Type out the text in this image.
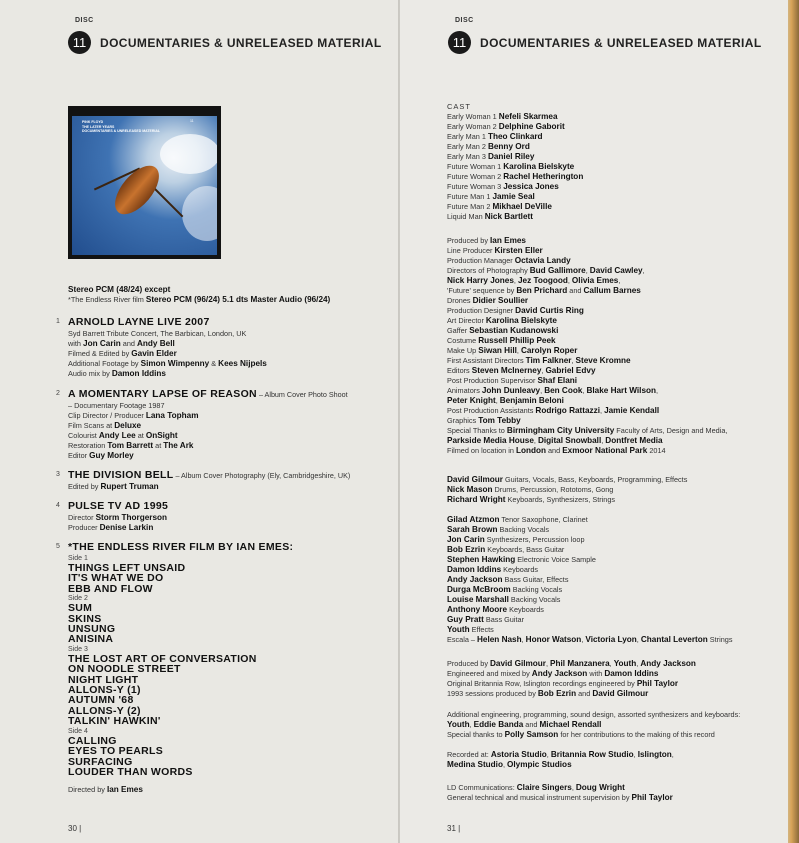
DISC
11	DOCUMENTARIES & UNRELEASED MATERIAL
PINK FLOYD
THE LATER YEARS
DOCUMENTARIES & UNRELEASED MATERIAL
11
Stereo PCM (48/24) except
*The Endless River film Stereo PCM (96/24) 5.1 dts Master Audio (96/24)
1 ARNOLD LAYNE LIVE 2007
Syd Barrett Tribute Concert, The Barbican, London, UK
with Jon Carin and Andy Bell
Filmed & Edited by Gavin Elder
Additional Footage by Simon Wimpenny & Kees Nijpels
Audio mix by Damon Iddins
2 A MOMENTARY LAPSE OF REASON – Album Cover Photo Shoot
– Documentary Footage 1987
Clip Director / Producer Lana Topham
Film Scans at Deluxe
Colourist Andy Lee at OnSight
Restoration Tom Barrett at The Ark
Editor Guy Morley
3 THE DIVISION BELL – Album Cover Photography (Ely, Cambridgeshire, UK)
Edited by Rupert Truman
4 PULSE TV AD 1995
Director Storm Thorgerson
Producer Denise Larkin
5 *THE ENDLESS RIVER FILM BY IAN EMES:
Side 1
THINGS LEFT UNSAID
IT'S WHAT WE DO
EBB AND FLOW
Side 2
SUM
SKINS
UNSUNG
ANISINA
Side 3
THE LOST ART OF CONVERSATION
ON NOODLE STREET
NIGHT LIGHT
ALLONS-Y (1)
AUTUMN '68
ALLONS-Y (2)
TALKIN' HAWKIN'
Side 4
CALLING
EYES TO PEARLS
SURFACING
LOUDER THAN WORDS
Directed by Ian Emes
30 |
DISC
11	DOCUMENTARIES & UNRELEASED MATERIAL
CAST
Early Woman 1 Nefeli Skarmea
Early Woman 2 Delphine Gaborit
Early Man 1 Theo Clinkard
Early Man 2 Benny Ord
Early Man 3 Daniel Riley
Future Woman 1 Karolina Bielskyte
Future Woman 2 Rachel Hetherington
Future Woman 3 Jessica Jones
Future Man 1 Jamie Seal
Future Man 2 Mikhael DeVille
Liquid Man Nick Bartlett
Produced by Ian Emes
Line Producer Kirsten Eller
Production Manager Octavia Landy
Directors of Photography Bud Gallimore, David Cawley,
Nick Harry Jones, Jez Toogood, Olivia Emes,
'Future' sequence by Ben Prichard and Callum Barnes
Drones Didier Soullier
Production Designer David Curtis Ring
Art Director Karolina Bielskyte
Gaffer Sebastian Kudanowski
Costume Russell Phillip Peek
Make Up Siwan Hill, Carolyn Roper
First Assistant Directors Tim Falkner, Steve Kromne
Editors Steven McInerney, Gabriel Edvy
Post Production Supervisor Shaf Elani
Animators John Dunleavy, Ben Cook, Blake Hart Wilson,
Peter Knight, Benjamin Beloni
Post Production Assistants Rodrigo Rattazzi, Jamie Kendall
Graphics Tom Tebby
Special Thanks to Birmingham City University Faculty of Arts, Design and Media,
Parkside Media House, Digital Snowball, Dontfret Media
Filmed on location in London and Exmoor National Park 2014
David Gilmour Guitars, Vocals, Bass, Keyboards, Programming, Effects
Nick Mason Drums, Percussion, Rototoms, Gong
Richard Wright Keyboards, Synthesizers, Strings
Gilad Atzmon Tenor Saxophone, Clarinet
Sarah Brown Backing Vocals
Jon Carin Synthesizers, Percussion loop
Bob Ezrin Keyboards, Bass Guitar
Stephen Hawking Electronic Voice Sample
Damon Iddins Keyboards
Andy Jackson Bass Guitar, Effects
Durga McBroom Backing Vocals
Louise Marshall Backing Vocals
Anthony Moore Keyboards
Guy Pratt Bass Guitar
Youth Effects
Escala – Helen Nash, Honor Watson, Victoria Lyon, Chantal Leverton Strings
Produced by David Gilmour, Phil Manzanera, Youth, Andy Jackson
Engineered and mixed by Andy Jackson with Damon Iddins
Original Britannia Row, Islington recordings engineered by Phil Taylor
1993 sessions produced by Bob Ezrin and David Gilmour
Additional engineering, programming, sound design, assorted synthesizers and keyboards:
Youth, Eddie Banda and Michael Rendall
Special thanks to Polly Samson for her contributions to the making of this record
Recorded at: Astoria Studio, Britannia Row Studio, Islington,
Medina Studio, Olympic Studios
LD Communications: Claire Singers, Doug Wright
General technical and musical instrument supervision by Phil Taylor
31 |
